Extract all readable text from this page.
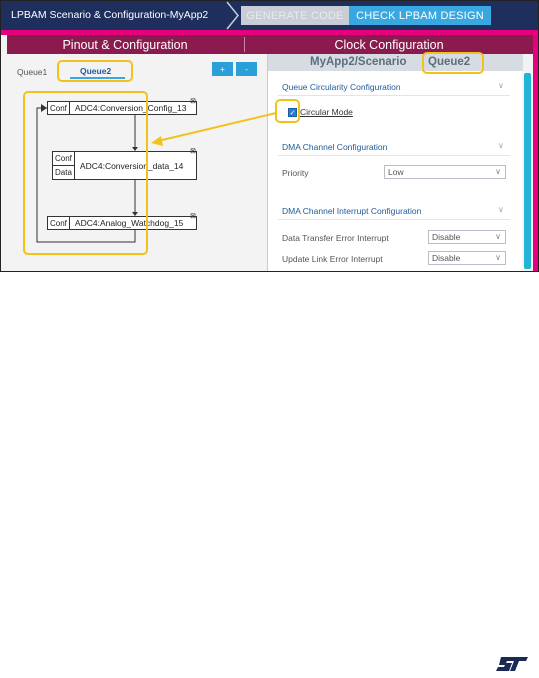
LPBAM Scenario & Configuration-MyApp2	GENERATE CODE	CHECK LPBAM DESIGN
Pinout & Configuration	Clock Configuration
Queue1	Queue2	+	-
Conf ADC4:Conversion_Config_13
⊠
Conf
Data
ADC4:Conversion_data_14
⊠
Conf ADC4:Analog_Watchdog_15
⊠
MyApp2/Scenario Queue2
Queue Circularity Configuration	∨
✓ Circular Mode
DMA Channel Configuration	∨
Priority	Low	∨
DMA Channel Interrupt Configuration	∨
Data Transfer Error Interrupt	Disable	∨
Update Link Error Interrupt	Disable	∨
